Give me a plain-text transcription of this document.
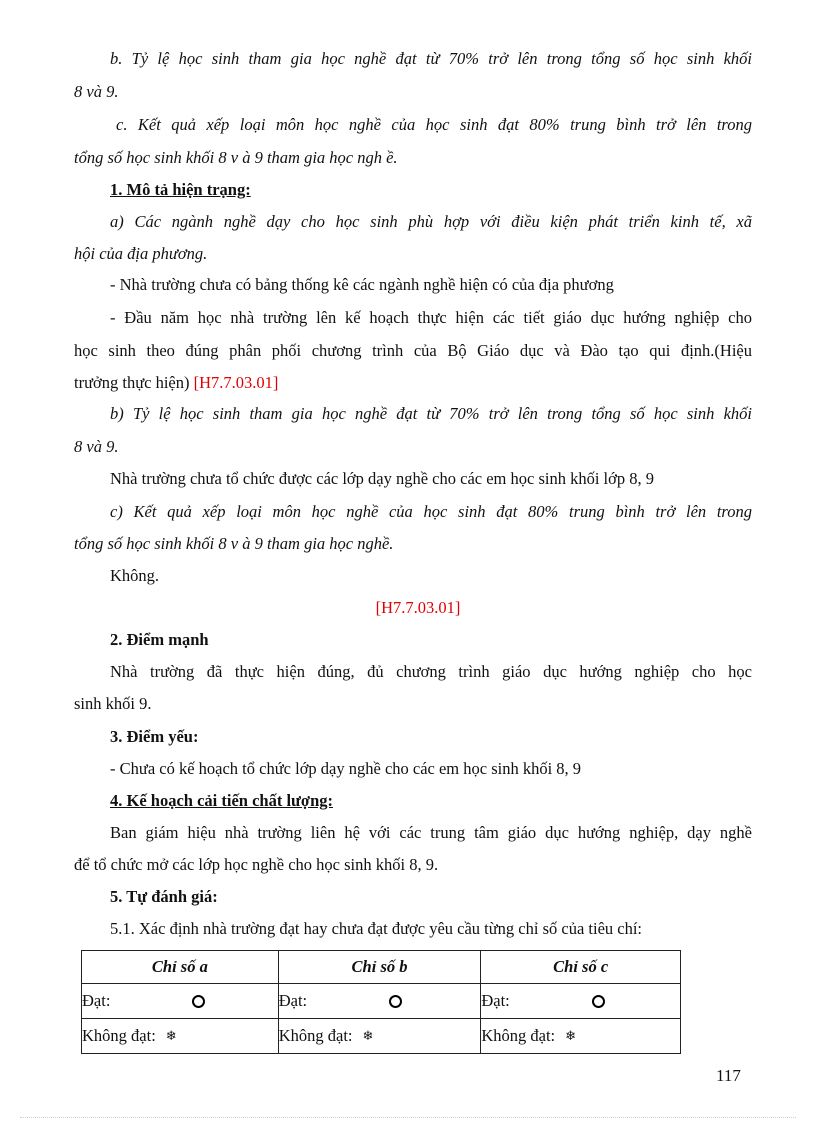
b. Tỷ lệ học sinh tham gia học nghề đạt từ 70% trở lên trong tổng số học sinh khối
8 và 9.
c. Kết quả xếp loại môn học nghề của học sinh đạt 80% trung bình trở lên trong
tổng số học sinh khối 8 v à 9 tham gia học ngh ề.
1. Mô tả hiện trạng:
a) Các ngành nghề dạy cho học sinh phù hợp với điều kiện phát triển kinh tế, xã
hội của địa phương.
- Nhà trường chưa có bảng thống kê các ngành nghề hiện có của địa phương
- Đầu năm học nhà trường lên kế hoạch thực hiện các tiết giáo dục hướng nghiệp cho
học sinh theo đúng phân phối chương trình của Bộ Giáo dục và Đào tạo qui định.(Hiệu
trưởng thực hiện) [H7.7.03.01]
b) Tỷ lệ học sinh tham gia học nghề đạt từ 70% trở lên trong tổng số học sinh khối
8 và 9.
Nhà trường chưa tổ chức được các lớp dạy nghề cho các em học sinh khối lớp 8, 9
c) Kết quả xếp loại môn học nghề của học sinh đạt 80% trung bình trở lên trong
tổng số học sinh khối 8 v à 9 tham gia học nghề.
Không.
[H7.7.03.01]
2. Điểm mạnh
Nhà trường đã thực hiện đúng, đủ chương trình giáo dục hướng nghiệp cho học
sinh khối 9.
3. Điểm yếu:
- Chưa có kế hoạch tổ chức lớp dạy nghề cho các em học sinh khối 8, 9
4. Kế hoạch cải tiến chất lượng:
Ban giám hiệu nhà trường liên hệ với các trung tâm giáo dục hướng nghiệp, dạy nghề
để tổ chức mở các lớp học nghề cho học sinh khối 8, 9.
5. Tự đánh giá:
5.1. Xác định nhà trường đạt hay chưa đạt được yêu cầu từng chỉ số của tiêu chí:
Chỉ số a	Chỉ số b	Chỉ số c

Đạt:	Đạt:	Đạt:

Không đạt: ❄	Không đạt: ❄	Không đạt: ❄
117
